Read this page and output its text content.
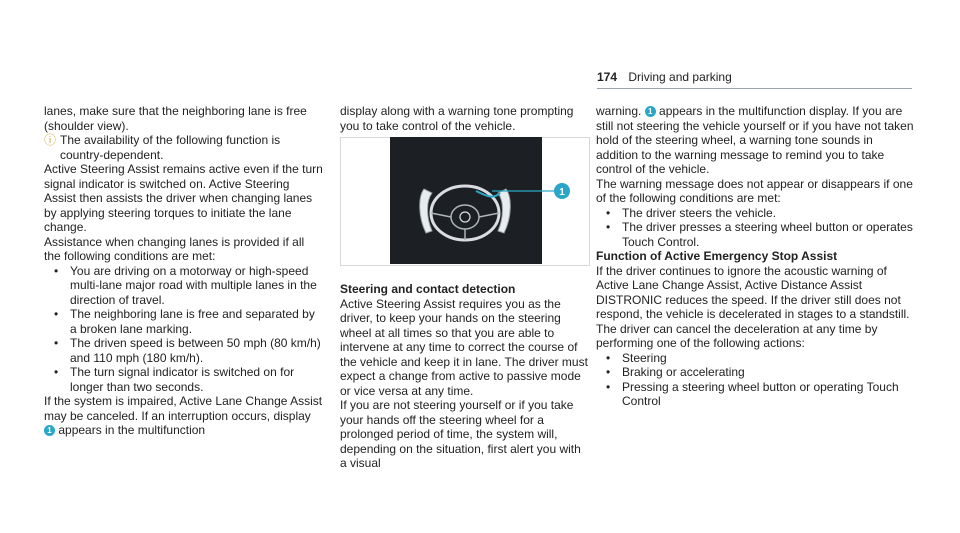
174 Driving and parking

lanes, make sure that the neighboring lane is free (shoulder view).

ⓘ The availability of the following function is country-dependent.

Active Steering Assist remains active even if the turn signal indicator is switched on. Active Steering Assist then assists the driver when changing lanes by applying steering torques to initiate the lane change.

Assistance when changing lanes is provided if all the following conditions are met:

• You are driving on a motorway or high-speed multi-lane major road with multiple lanes in the direction of travel.
• The neighboring lane is free and separated by a broken lane marking.
• The driven speed is between 50 mph (80 km/h) and 110 mph (180 km/h).
• The turn signal indicator is switched on for longer than two seconds.

If the system is impaired, Active Lane Change Assist may be canceled. If an interruption occurs, display 1 appears in the multifunction

display along with a warning tone prompting you to take control of the vehicle.

1

Steering and contact detection

Active Steering Assist requires you as the driver, to keep your hands on the steering wheel at all times so that you are able to intervene at any time to correct the course of the vehicle and keep it in lane. The driver must expect a change from active to passive mode or vice versa at any time.

If you are not steering yourself or if you take your hands off the steering wheel for a prolonged period of time, the system will, depending on the situation, first alert you with a visual

warning. 1 appears in the multifunction display. If you are still not steering the vehicle yourself or if you have not taken hold of the steering wheel, a warning tone sounds in addition to the warning message to remind you to take control of the vehicle.

The warning message does not appear or disappears if one of the following conditions are met:

• The driver steers the vehicle.
• The driver presses a steering wheel button or operates Touch Control.

Function of Active Emergency Stop Assist

If the driver continues to ignore the acoustic warning of Active Lane Change Assist, Active Distance Assist DISTRONIC reduces the speed. If the driver still does not respond, the vehicle is decelerated in stages to a standstill.

The driver can cancel the deceleration at any time by performing one of the following actions:

• Steering
• Braking or accelerating
• Pressing a steering wheel button or operating Touch Control
